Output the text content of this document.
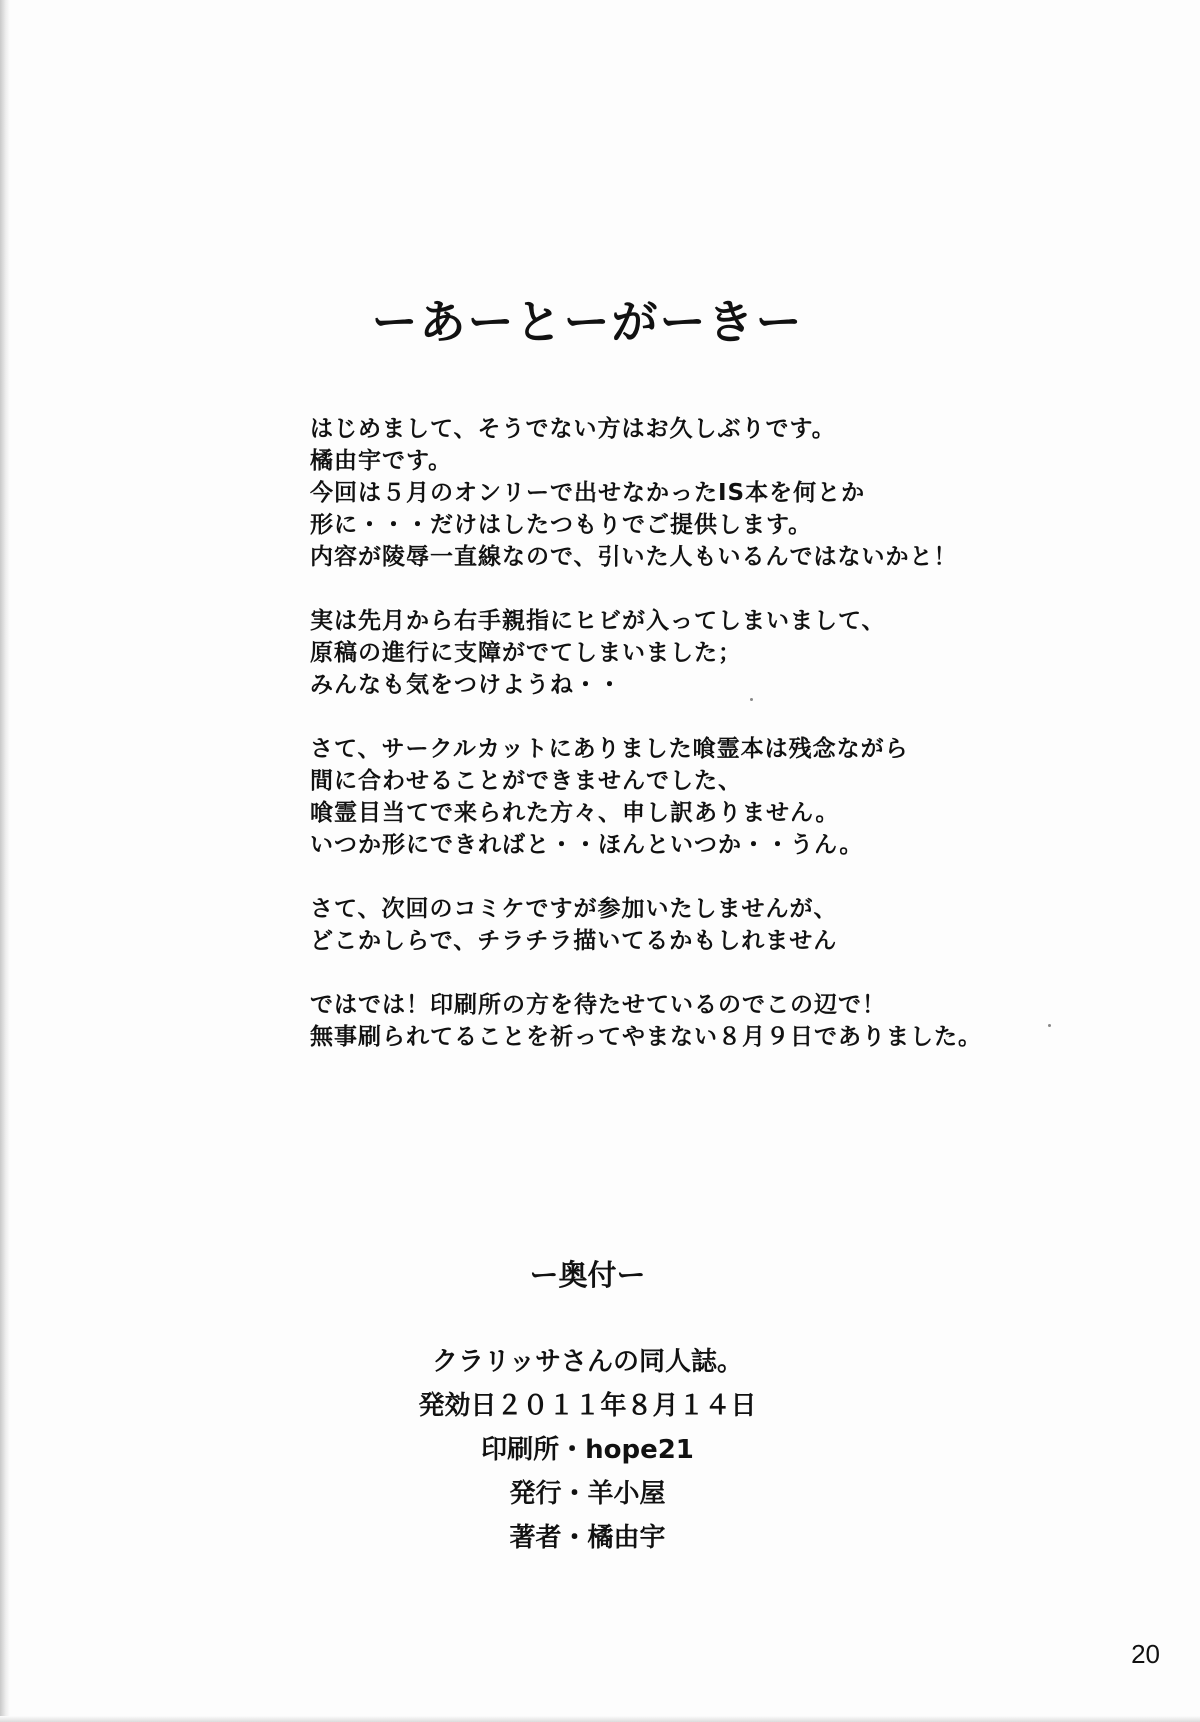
ーあーとーがーきー
はじめまして、そうでない方はお久しぶりです。
橘由宇です。
今回は５月のオンリーで出せなかったIS本を何とか
形に・・・だけはしたつもりでご提供します。
内容が陵辱一直線なので、引いた人もいるんではないかと！
実は先月から右手親指にヒビが入ってしまいまして、
原稿の進行に支障がでてしまいました；
みんなも気をつけようね・・
さて、サークルカットにありました喰霊本は残念ながら
間に合わせることができませんでした、
喰霊目当てで来られた方々、申し訳ありません。
いつか形にできればと・・ほんといつか・・うん。
さて、次回のコミケですが参加いたしませんが、
どこかしらで、チラチラ描いてるかもしれません
ではでは！印刷所の方を待たせているのでこの辺で！
無事刷られてることを祈ってやまない８月９日でありました。
ー奥付ー
クラリッサさんの同人誌。
発効日２０１１年８月１４日
印刷所・hope21
発行・羊小屋
著者・橘由宇
20
